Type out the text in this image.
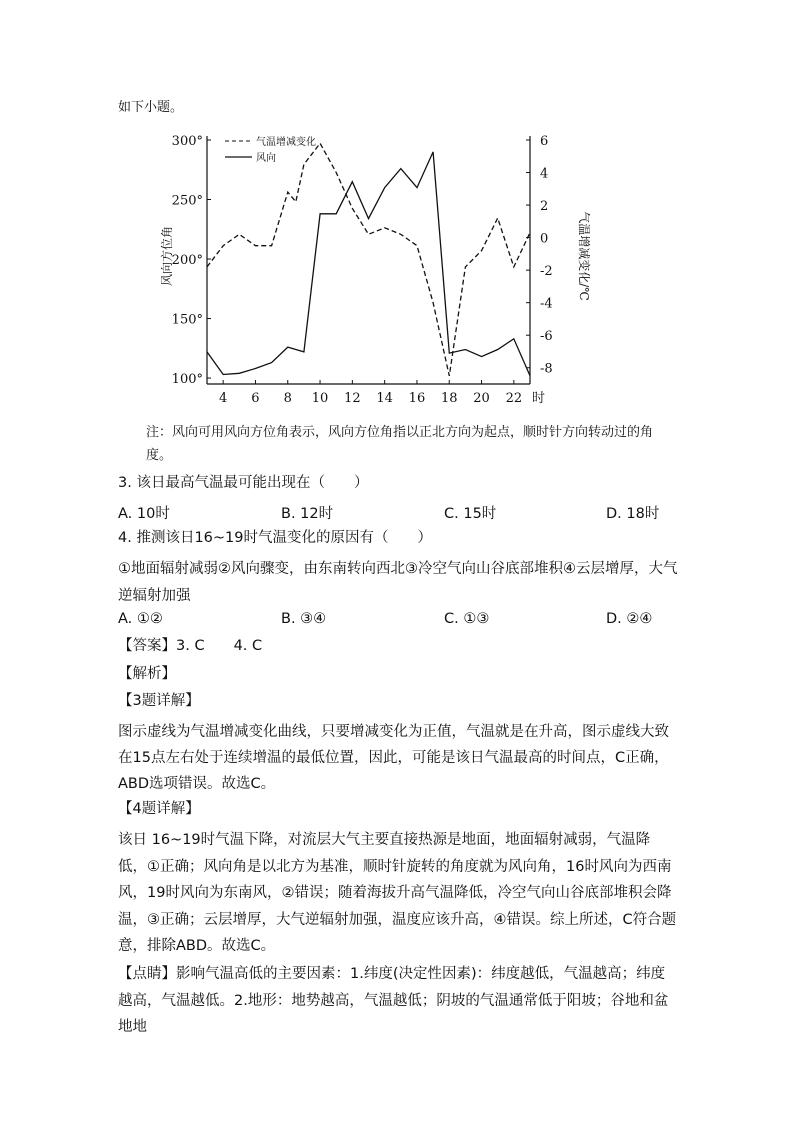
如下小题。
4 6 8 10 12 14 16 18 20 22 时
100°
150°
200°
250°
300°
-8
-6
-4
-2
0
2
4
6
气温增减变化
风向
风向方位角	气温增减变化/℃
注：风向可用风向方位角表示，风向方位角指以正北方向为起点，顺时针方向转动过的角度。
3. 该日最高气温最可能出现在（　　）
A. 10时	B. 12时	C. 15时	D. 18时
4. 推测该日16~19时气温变化的原因有（　　）
①地面辐射减弱②风向骤变，由东南转向西北③冷空气向山谷底部堆积④云层增厚，大气逆辐射加强
A. ①②	B. ③④	C. ①③	D. ②④
【答案】3. C　　4. C
【解析】
【3题详解】
图示虚线为气温增减变化曲线，只要增减变化为正值，气温就是在升高，图示虚线大致在15点左右处于连续增温的最低位置，因此，可能是该日气温最高的时间点，C正确，ABD选项错误。故选C。
【4题详解】
该日 16~19时气温下降，对流层大气主要直接热源是地面，地面辐射减弱，气温降低，①正确；风向角是以北方为基准，顺时针旋转的角度就为风向角，16时风向为西南风，19时风向为东南风，②错误；随着海拔升高气温降低，冷空气向山谷底部堆积会降温，③正确；云层增厚，大气逆辐射加强，温度应该升高，④错误。综上所述，C符合题意，排除ABD。故选C。
【点睛】影响气温高低的主要因素：1.纬度(决定性因素)：纬度越低，气温越高；纬度越高，气温越低。2.地形：地势越高，气温越低；阴坡的气温通常低于阳坡；谷地和盆地地
